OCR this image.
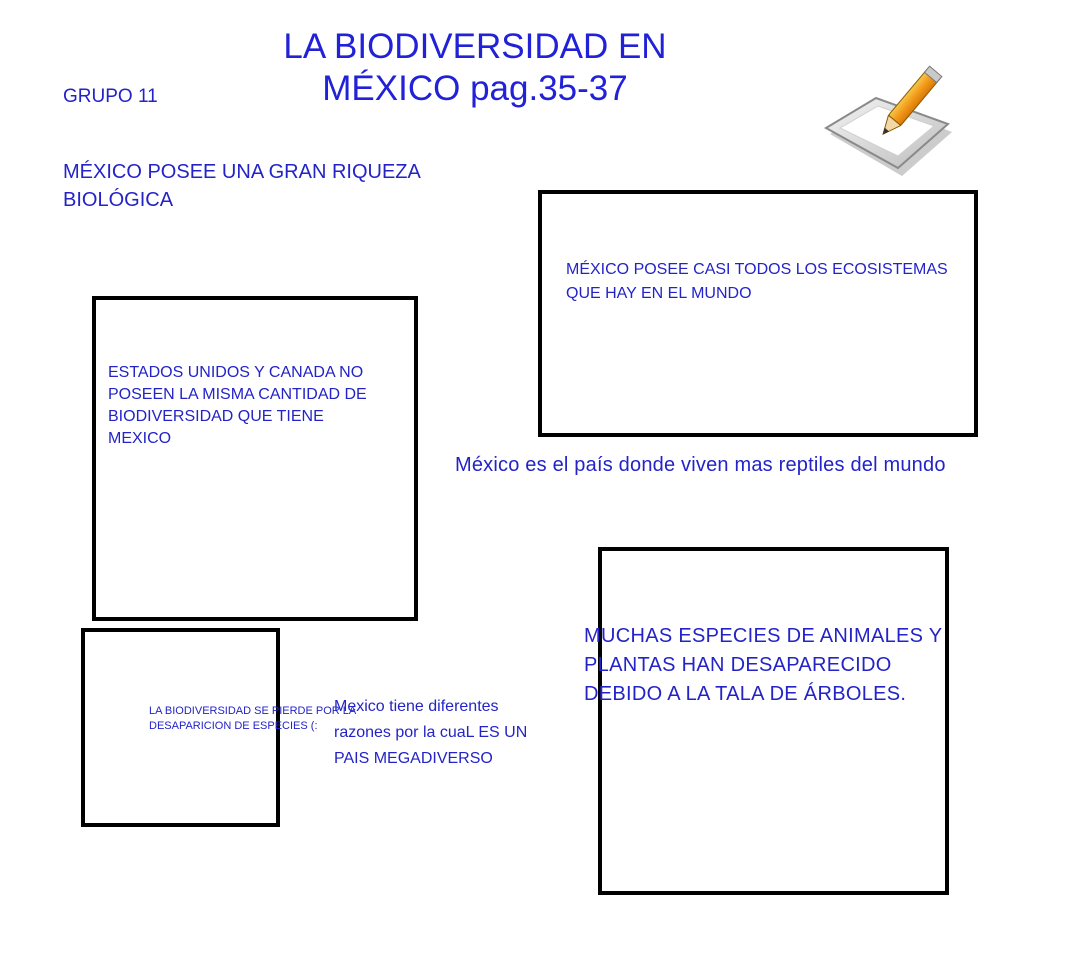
LA BIODIVERSIDAD EN
MÉXICO pag.35-37
GRUPO 11
MÉXICO POSEE UNA GRAN RIQUEZA
BIOLÓGICA
MÉXICO POSEE CASI TODOS LOS ECOSISTEMAS QUE HAY EN EL MUNDO
ESTADOS UNIDOS Y CANADA NO POSEEN LA MISMA CANTIDAD DE BIODIVERSIDAD QUE TIENE MEXICO
México es el país donde viven mas reptiles del mundo
MUCHAS ESPECIES DE ANIMALES Y PLANTAS HAN DESAPARECIDO DEBIDO A LA TALA DE ÁRBOLES.
LA BIODIVERSIDAD SE PIERDE POR LA DESAPARICION DE ESPECIES (:
Mexico tiene diferentes
razones por la cuaL ES UN
PAIS MEGADIVERSO
